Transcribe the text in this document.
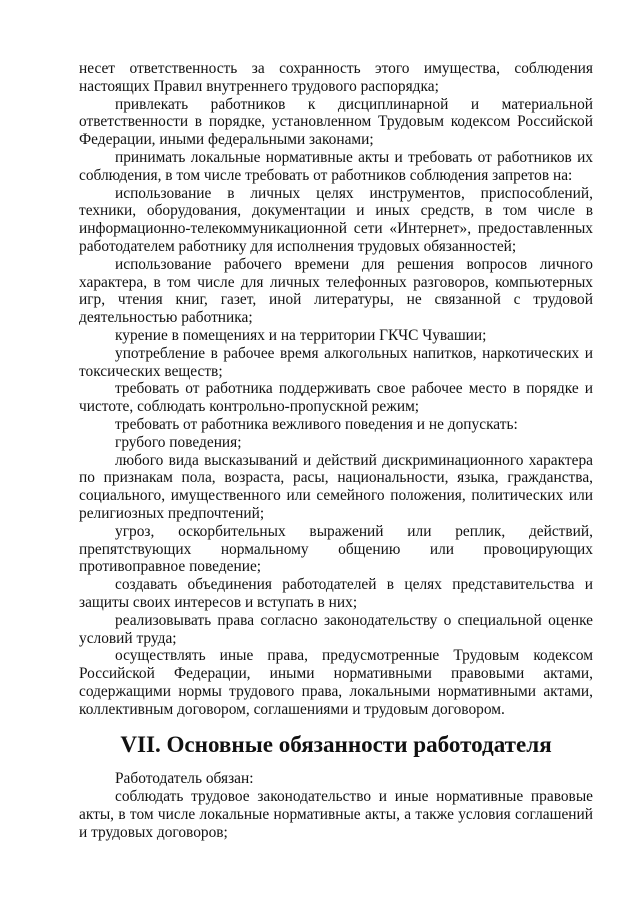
несет ответственность за сохранность этого имущества, соблюдения настоящих Правил внутреннего трудового распорядка;

привлекать работников к дисциплинарной и материальной ответственности в порядке, установленном Трудовым кодексом Российской Федерации, иными федеральными законами;

принимать локальные нормативные акты и требовать от работников их соблюдения, в том числе требовать от работников соблюдения запретов на:

использование в личных целях инструментов, приспособлений, техники, оборудования, документации и иных средств, в том числе в информационно-телекоммуникационной сети «Интернет», предоставленных работодателем работнику для исполнения трудовых обязанностей;

использование рабочего времени для решения вопросов личного характера, в том числе для личных телефонных разговоров, компьютерных игр, чтения книг, газет, иной литературы, не связанной с трудовой деятельностью работника;

курение в помещениях и на территории ГКЧС Чувашии;

употребление в рабочее время алкогольных напитков, наркотических и токсических веществ;

требовать от работника поддерживать свое рабочее место в порядке и чистоте, соблюдать контрольно-пропускной режим;

требовать от работника вежливого поведения и не допускать:

грубого поведения;

любого вида высказываний и действий дискриминационного характера по признакам пола, возраста, расы, национальности, языка, гражданства, социального, имущественного или семейного положения, политических или религиозных предпочтений;

угроз, оскорбительных выражений или реплик, действий, препятствующих нормальному общению или провоцирующих противоправное поведение;

создавать объединения работодателей в целях представительства и защиты своих интересов и вступать в них;

реализовывать права согласно законодательству о специальной оценке условий труда;

осуществлять иные права, предусмотренные Трудовым кодексом Российской Федерации, иными нормативными правовыми актами, содержащими нормы трудового права, локальными нормативными актами, коллективным договором, соглашениями и трудовым договором.

VII. Основные обязанности работодателя

Работодатель обязан:

соблюдать трудовое законодательство и иные нормативные правовые акты, в том числе локальные нормативные акты, а также условия соглашений и трудовых договоров;
